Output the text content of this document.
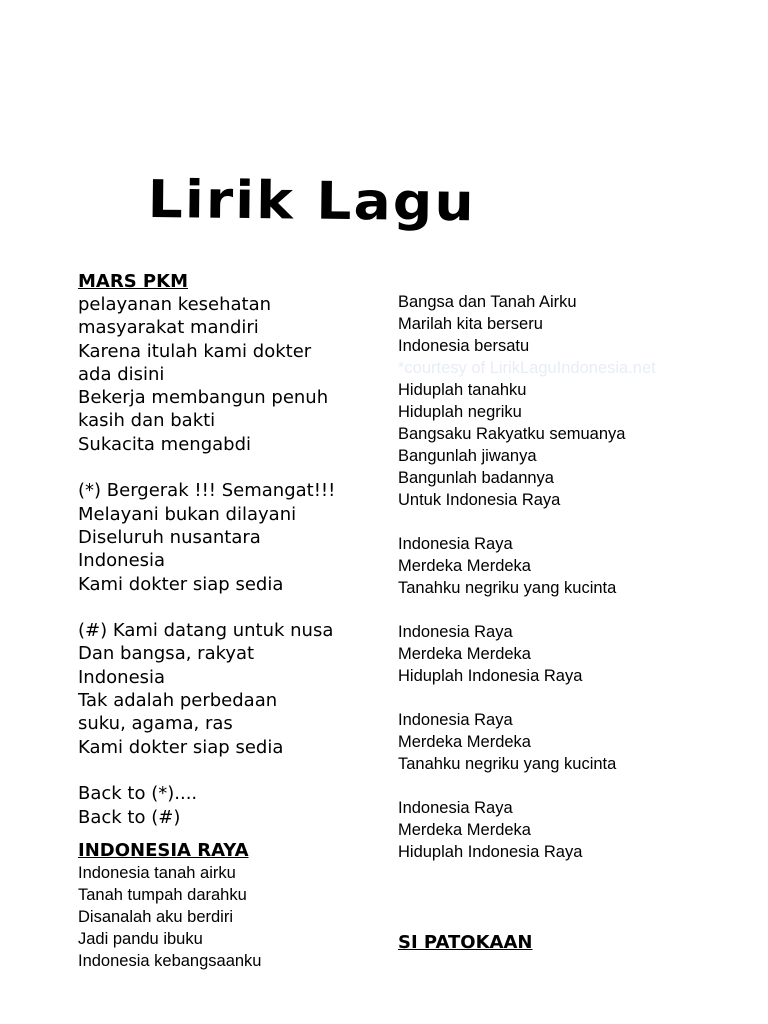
Lirik Lagu
MARS PKM
pelayanan kesehatan
masyarakat mandiri
Karena itulah kami dokter
ada disini
Bekerja membangun penuh
kasih dan bakti
Sukacita mengabdi
(*) Bergerak !!! Semangat!!!
Melayani bukan dilayani
Diseluruh nusantara
Indonesia
Kami dokter siap sedia
(#) Kami datang untuk nusa
Dan bangsa, rakyat
Indonesia
Tak adalah perbedaan
suku, agama, ras
Kami dokter siap sedia
Back to (*)....
Back to (#)
INDONESIA RAYA
Indonesia tanah airku
Tanah tumpah darahku
Disanalah aku berdiri
Jadi pandu ibuku
Indonesia kebangsaanku
Bangsa dan Tanah Airku
Marilah kita berseru
Indonesia bersatu
*courtesy of LirikLaguIndonesia.net
Hiduplah tanahku
Hiduplah negriku
Bangsaku Rakyatku semuanya
Bangunlah jiwanya
Bangunlah badannya
Untuk Indonesia Raya
Indonesia Raya
Merdeka Merdeka
Tanahku negriku yang kucinta
Indonesia Raya
Merdeka Merdeka
Hiduplah Indonesia Raya
Indonesia Raya
Merdeka Merdeka
Tanahku negriku yang kucinta
Indonesia Raya
Merdeka Merdeka
Hiduplah Indonesia Raya
SI PATOKAAN
